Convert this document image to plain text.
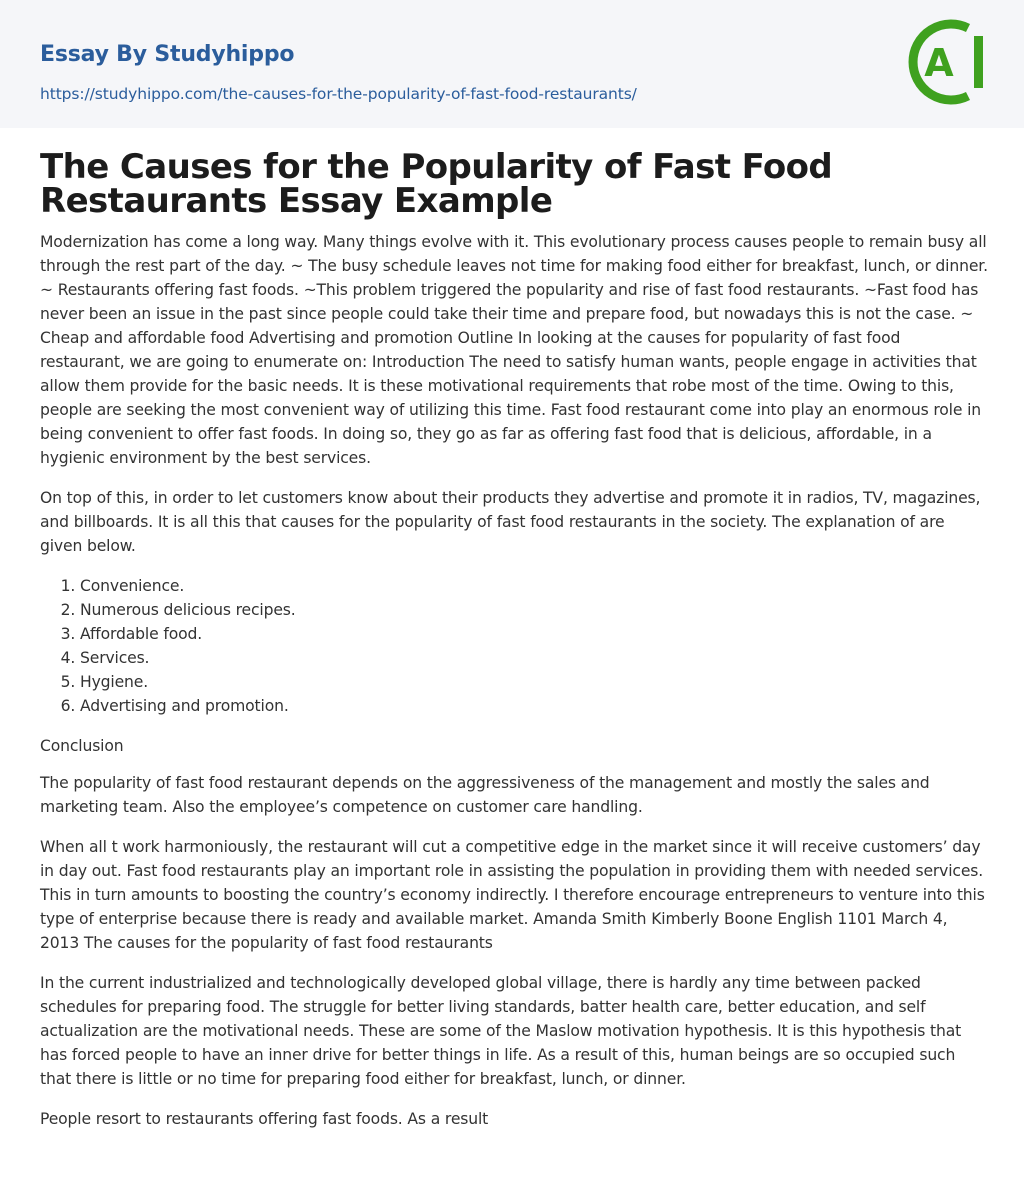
Essay By Studyhippo
https://studyhippo.com/the-causes-for-the-popularity-of-fast-food-restaurants/
A
The Causes for the Popularity of Fast Food Restaurants Essay Example

Modernization has come a long way. Many things evolve with it. This evolutionary process causes people to remain busy all through the rest part of the day. ~ The busy schedule leaves not time for making food either for breakfast, lunch, or dinner. ~ Restaurants offering fast foods. ~This problem triggered the popularity and rise of fast food restaurants. ~Fast food has never been an issue in the past since people could take their time and prepare food, but nowadays this is not the case. ~ Cheap and affordable food Advertising and promotion Outline In looking at the causes for popularity of fast food restaurant, we are going to enumerate on: Introduction The need to satisfy human wants, people engage in activities that allow them provide for the basic needs. It is these motivational requirements that robe most of the time. Owing to this, people are seeking the most convenient way of utilizing this time. Fast food restaurant come into play an enormous role in being convenient to offer fast foods. In doing so, they go as far as offering fast food that is delicious, affordable, in a hygienic environment by the best services.

On top of this, in order to let customers know about their products they advertise and promote it in radios, TV, magazines, and billboards. It is all this that causes for the popularity of fast food restaurants in the society. The explanation of are given below.

1. Convenience.
2. Numerous delicious recipes.
3. Affordable food.
4. Services.
5. Hygiene.
6. Advertising and promotion.
Conclusion

The popularity of fast food restaurant depends on the aggressiveness of the management and mostly the sales and marketing team. Also the employee’s competence on customer care handling.

When all t work harmoniously, the restaurant will cut a competitive edge in the market since it will receive customers’ day in day out. Fast food restaurants play an important role in assisting the population in providing them with needed services. This in turn amounts to boosting the country’s economy indirectly. I therefore encourage entrepreneurs to venture into this type of enterprise because there is ready and available market. Amanda Smith Kimberly Boone English 1101 March 4, 2013 The causes for the popularity of fast food restaurants

In the current industrialized and technologically developed global village, there is hardly any time between packed schedules for preparing food. The struggle for better living standards, batter health care, better education, and self actualization are the motivational needs. These are some of the Maslow motivation hypothesis. It is this hypothesis that has forced people to have an inner drive for better things in life. As a result of this, human beings are so occupied such that there is little or no time for preparing food either for breakfast, lunch, or dinner.

People resort to restaurants offering fast foods. As a result
